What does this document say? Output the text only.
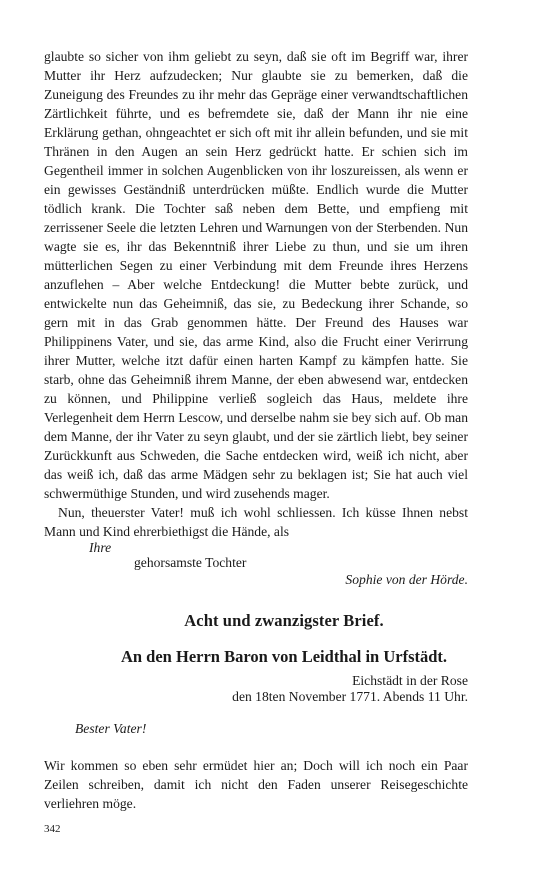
glaubte so sicher von ihm geliebt zu seyn, daß sie oft im Begriff war, ihrer Mutter ihr Herz aufzudecken; Nur glaubte sie zu bemerken, daß die Zuneigung des Freundes zu ihr mehr das Gepräge einer verwandtschaftlichen Zärtlichkeit führte, und es befremdete sie, daß der Mann ihr nie eine Erklärung gethan, ohngeachtet er sich oft mit ihr allein befunden, und sie mit Thränen in den Augen an sein Herz gedrückt hatte. Er schien sich im Gegentheil immer in solchen Augenblicken von ihr loszureissen, als wenn er ein gewisses Geständniß unterdrücken müßte. Endlich wurde die Mutter tödlich krank. Die Tochter saß neben dem Bette, und empfieng mit zerrissener Seele die letzten Lehren und Warnungen von der Sterbenden. Nun wagte sie es, ihr das Bekenntniß ihrer Liebe zu thun, und sie um ihren mütterlichen Segen zu einer Verbindung mit dem Freunde ihres Herzens anzuflehen – Aber welche Entdeckung! die Mutter bebte zurück, und entwickelte nun das Geheimniß, das sie, zu Bedeckung ihrer Schande, so gern mit in das Grab genommen hätte. Der Freund des Hauses war Philippinens Vater, und sie, das arme Kind, also die Frucht einer Verirrung ihrer Mutter, welche itzt dafür einen harten Kampf zu kämpfen hatte. Sie starb, ohne das Geheimniß ihrem Manne, der eben abwesend war, entdecken zu können, und Philippine verließ sogleich das Haus, meldete ihre Verlegenheit dem Herrn Lescow, und derselbe nahm sie bey sich auf. Ob man dem Manne, der ihr Vater zu seyn glaubt, und der sie zärtlich liebt, bey seiner Zurückkunft aus Schweden, die Sache entdecken wird, weiß ich nicht, aber das weiß ich, daß das arme Mädgen sehr zu beklagen ist; Sie hat auch viel schwermüthige Stunden, und wird zusehends mager.

Nun, theuerster Vater! muß ich wohl schliessen. Ich küsse Ihnen nebst Mann und Kind ehrerbiethigst die Hände, als

Ihre
gehorsamste Tochter
Sophie von der Hörde.
Acht und zwanzigster Brief.
An den Herrn Baron von Leidthal in Urfstädt.
Eichstädt in der Rose
den 18ten November 1771. Abends 11 Uhr.
Bester Vater!
Wir kommen so eben sehr ermüdet hier an; Doch will ich noch ein Paar Zeilen schreiben, damit ich nicht den Faden unserer Reisegeschichte verliehren möge.
342
